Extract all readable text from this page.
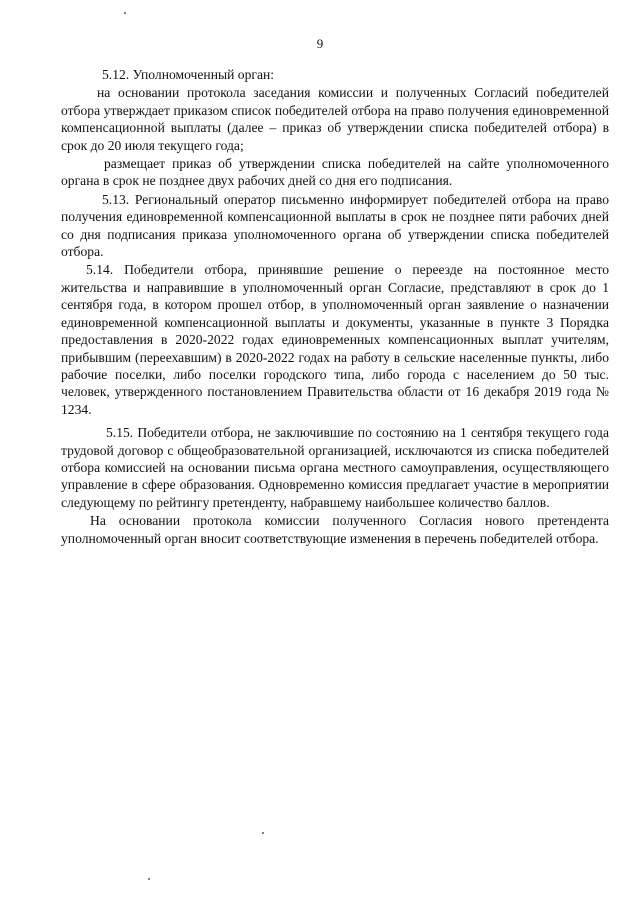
9

5.12. Уполномоченный орган:

на основании протокола заседания комиссии и полученных Согласий победителей отбора утверждает приказом список победителей отбора на право получения единовременной компенсационной выплаты (далее – приказ об утверждении списка победителей отбора) в срок до 20 июля текущего года;

размещает приказ об утверждении списка победителей на сайте уполномоченного органа в срок не позднее двух рабочих дней со дня его подписания.

5.13. Региональный оператор письменно информирует победителей отбора на право получения единовременной компенсационной выплаты в срок не позднее пяти рабочих дней со дня подписания приказа уполномоченного органа об утверждении списка победителей отбора.

5.14. Победители отбора, принявшие решение о переезде на постоянное место жительства и направившие в уполномоченный орган Согласие, представляют в срок до 1 сентября года, в котором прошел отбор, в уполномоченный орган заявление о назначении единовременной компенсационной выплаты и документы, указанные в пункте 3 Порядка предоставления в 2020-2022 годах единовременных компенсационных выплат учителям, прибывшим (переехавшим) в 2020-2022 годах на работу в сельские населенные пункты, либо рабочие поселки, либо поселки городского типа, либо города с населением до 50 тыс. человек, утвержденного постановлением Правительства области от 16 декабря 2019 года № 1234.

5.15. Победители отбора, не заключившие по состоянию на 1 сентября текущего года трудовой договор с общеобразовательной организацией, исключаются из списка победителей отбора комиссией на основании письма органа местного самоуправления, осуществляющего управление в сфере образования. Одновременно комиссия предлагает участие в мероприятии следующему по рейтингу претенденту, набравшему наибольшее количество баллов.

На основании протокола комиссии полученного Согласия нового претендента уполномоченный орган вносит соответствующие изменения в перечень победителей отбора.
